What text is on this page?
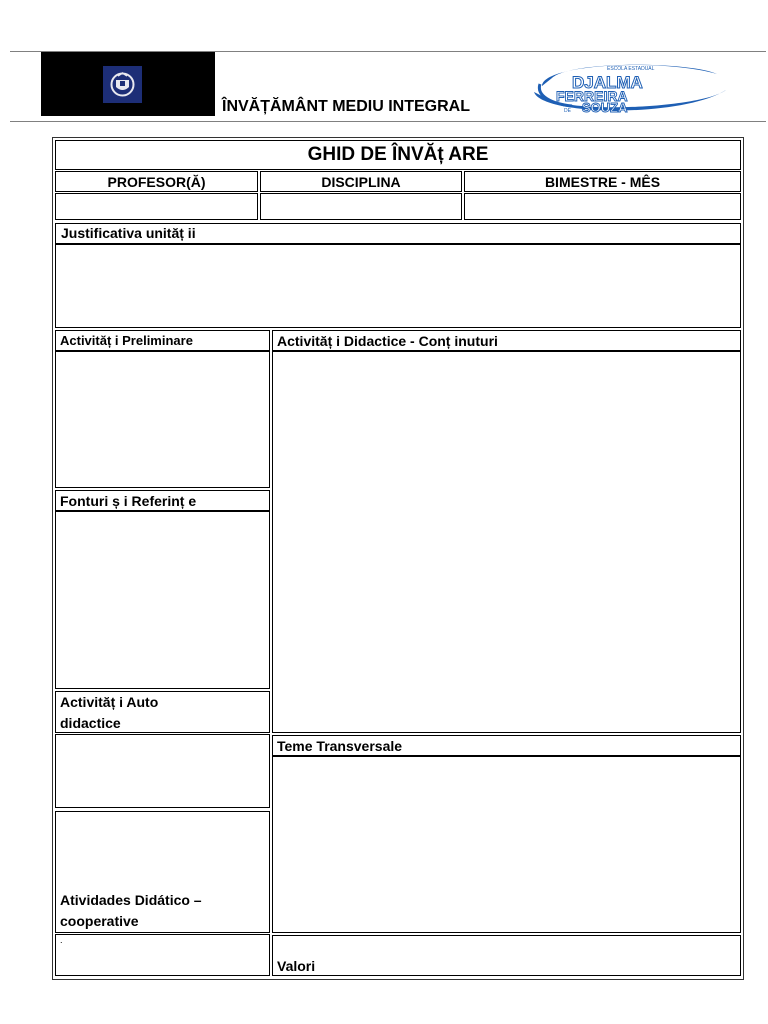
ÎNVĂȚĂMÂNT MEDIU INTEGRAL
ESCOLA ESTADUAL
DJALMA
FERREIRA
DE SOUZA
GHID DE ÎNVĂț ARE
PROFESOR(Ă)	DISCIPLINA	BIMESTRE - MÊS
Justificativa unităț ii
Activităț i Preliminare
Fonturi ș i Referinț e
Activităț i Auto didactice
Atividades Didático – cooperative
.
Activităț i Didactice - Conț inuturi
Teme Transversale
Valori
